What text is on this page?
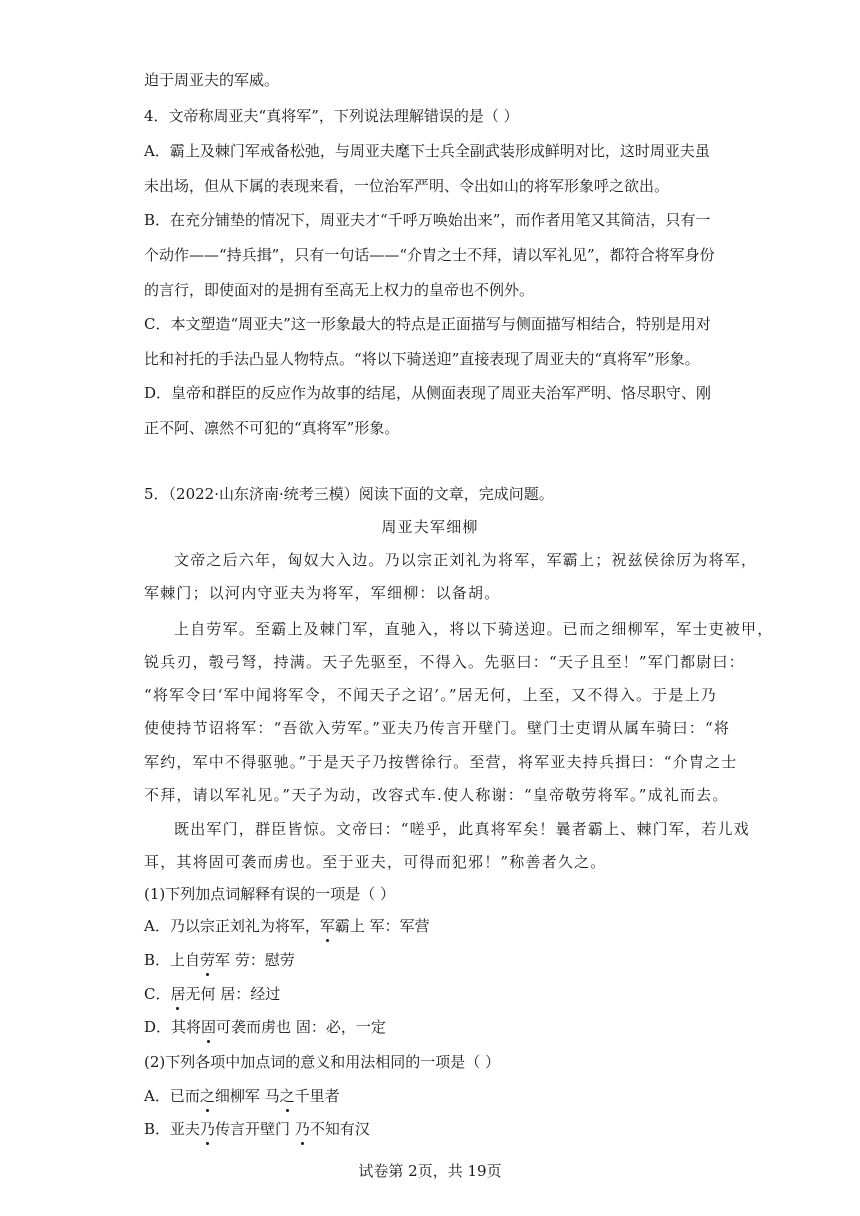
迫于周亚夫的军威。
4．文帝称周亚夫“真将军”，下列说法理解错误的是（ ）
A．霸上及棘门军戒备松弛，与周亚夫麾下士兵全副武装形成鲜明对比，这时周亚夫虽
未出场，但从下属的表现来看，一位治军严明、令出如山的将军形象呼之欲出。
B．在充分铺垫的情况下，周亚夫才“千呼万唤始出来”，而作者用笔又其简洁，只有一
个动作——“持兵揖”，只有一句话——“介胄之士不拜，请以军礼见”，都符合将军身份
的言行，即使面对的是拥有至高无上权力的皇帝也不例外。
C．本文塑造“周亚夫”这一形象最大的特点是正面描写与侧面描写相结合，特别是用对
比和衬托的手法凸显人物特点。“将以下骑送迎”直接表现了周亚夫的“真将军”形象。
D．皇帝和群臣的反应作为故事的结尾，从侧面表现了周亚夫治军严明、恪尽职守、刚
正不阿、凛然不可犯的“真将军”形象。
5．（2022·山东济南·统考三模）阅读下面的文章，完成问题。
周亚夫军细柳
文帝之后六年，匈奴大入边。乃以宗正刘礼为将军，军霸上；祝兹侯徐厉为将军，
军棘门；以河内守亚夫为将军，军细柳：以备胡。
上自劳军。至霸上及棘门军，直驰入，将以下骑送迎。已而之细柳军，军士吏被甲，
锐兵刃，彀弓弩，持满。天子先驱至，不得入。先驱曰：“天子且至！”军门都尉曰：
“将军令曰‘军中闻将军令，不闻天子之诏’。”居无何，上至，又不得入。于是上乃
使使持节诏将军：“吾欲入劳军。”亚夫乃传言开壁门。壁门士吏谓从属车骑曰：“将
军约，军中不得驱驰。”于是天子乃按辔徐行。至营，将军亚夫持兵揖曰：“介胄之士
不拜，请以军礼见。”天子为动，改容式车.使人称谢：“皇帝敬劳将军。”成礼而去。
既出军门，群臣皆惊。文帝曰：“嗟乎，此真将军矣！曩者霸上、棘门军，若儿戏
耳，其将固可袭而虏也。至于亚夫，可得而犯邪！”称善者久之。
(1)下列加点词解释有误的一项是（ ）
A．乃以宗正刘礼为将军，军霸上 军：军营
B．上自劳军 劳：慰劳
C．居无何 居：经过
D．其将固可袭而虏也 固：必，一定
(2)下列各项中加点词的意义和用法相同的一项是（ ）
A．已而之细柳军 马之千里者
B．亚夫乃传言开壁门 乃不知有汉
试卷第 2页，共 19页
